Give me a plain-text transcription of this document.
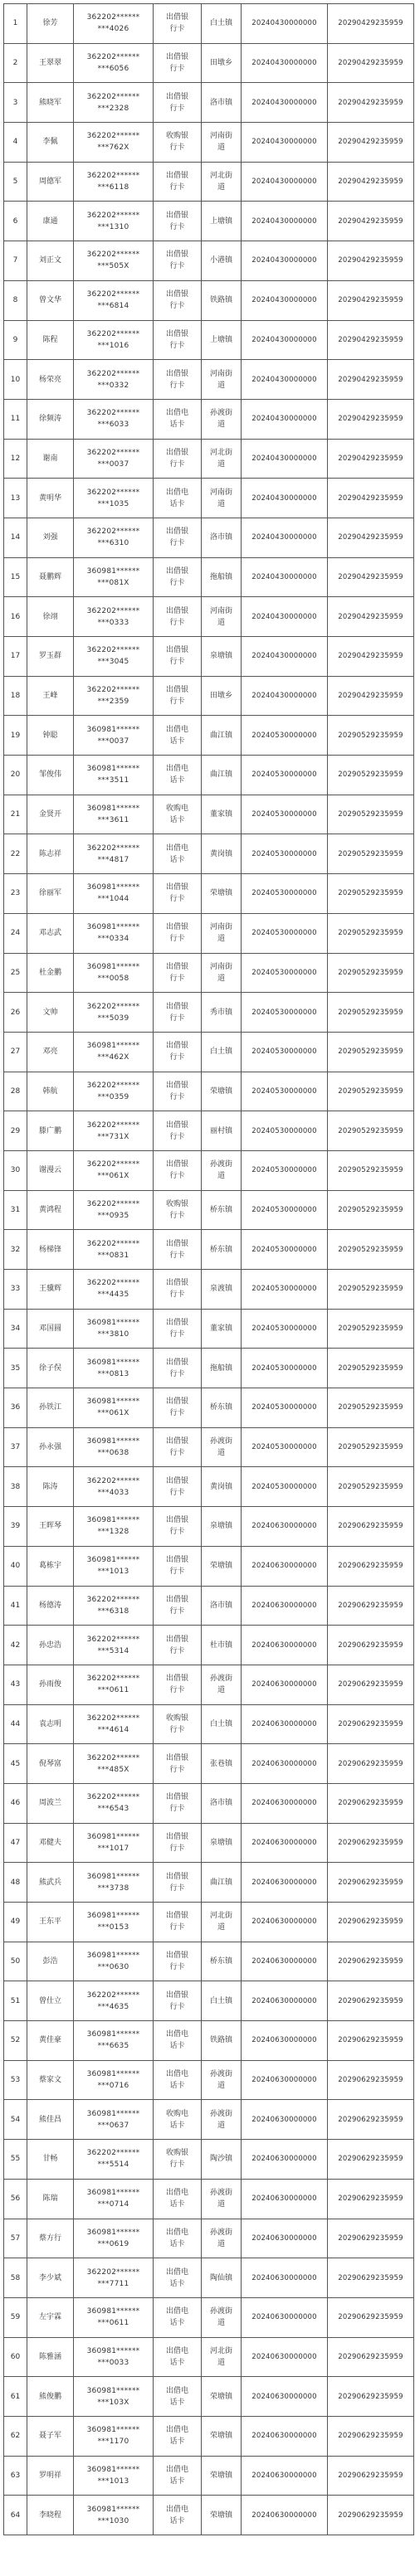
1	徐芳	362202******
***4026	出借银
行卡	白土镇	20240430000000	20290429235959
2	王翠翠	362202******
***6056	出借银
行卡	田墩乡	20240430000000	20290429235959
3	熊晓军	362202******
***2328	出借银
行卡	洛市镇	20240430000000	20290429235959
4	李佩	362202******
***762X	收购银
行卡	河南街
道	20240430000000	20290429235959
5	周德军	362202******
***6118	出借银
行卡	河北街
道	20240430000000	20290429235959
6	康通	362202******
***1310	出借银
行卡	上塘镇	20240430000000	20290429235959
7	刘正文	362202******
***505X	出借银
行卡	小港镇	20240430000000	20290429235959
8	曾文华	362202******
***6814	出借银
行卡	铁路镇	20240430000000	20290429235959
9	陈程	362202******
***1016	出借银
行卡	上塘镇	20240430000000	20290429235959
10	杨荣亮	362202******
***0332	出借银
行卡	河南街
道	20240430000000	20290429235959
11	徐频涛	362202******
***6033	出借电
话卡	孙渡街
道	20240430000000	20290429235959
12	谢南	362202******
***0037	出借银
行卡	河北街
道	20240430000000	20290429235959
13	黄明华	362202******
***1035	出借电
话卡	河南街
道	20240430000000	20290429235959
14	刘强	362202******
***6310	出借银
行卡	洛市镇	20240430000000	20290429235959
15	聂鹏辉	360981******
***081X	出借银
行卡	拖船镇	20240430000000	20290429235959
16	徐翊	362202******
***0333	出借银
行卡	河南街
道	20240430000000	20290429235959
17	罗玉群	362202******
***3045	出借银
行卡	泉塘镇	20240430000000	20290429235959
18	王峰	362202******
***2359	出借银
行卡	田墩乡	20240430000000	20290429235959
19	钟聪	360981******
***0037	出借电
话卡	曲江镇	20240530000000	20290529235959
20	邹俊伟	360981******
***3511	出借电
话卡	曲江镇	20240530000000	20290529235959
21	金贤开	360981******
***3611	收购电
话卡	董家镇	20240530000000	20290529235959
22	陈志祥	362202******
***4817	出借电
话卡	黄岗镇	20240530000000	20290529235959
23	徐丽军	360981******
***1044	出借银
行卡	荣塘镇	20240530000000	20290529235959
24	邓志武	360981******
***0334	出借银
行卡	河南街
道	20240530000000	20290529235959
25	杜金鹏	360981******
***0058	出借银
行卡	河南街
道	20240530000000	20290529235959
26	文帅	362202******
***5039	出借银
行卡	秀市镇	20240530000000	20290529235959
27	邓亮	360981******
***462X	出借银
行卡	白土镇	20240530000000	20290529235959
28	韩航	362202******
***0359	出借银
行卡	荣塘镇	20240530000000	20290529235959
29	滕广鹏	362202******
***731X	出借银
行卡	丽村镇	20240530000000	20290529235959
30	谢漫云	362202******
***061X	出借银
行卡	孙渡街
道	20240530000000	20290529235959
31	黄鸿程	362202******
***0935	收购银
行卡	桥东镇	20240530000000	20290529235959
32	杨梯锋	362202******
***0831	出借银
行卡	桥东镇	20240530000000	20290529235959
33	王骥辉	362202******
***4435	出借银
行卡	泉渡镇	20240530000000	20290529235959
34	邓国圆	360981******
***3810	出借银
行卡	董家镇	20240530000000	20290529235959
35	徐子俣	360981******
***0813	出借银
行卡	拖船镇	20240530000000	20290529235959
36	孙铁江	360981******
***061X	出借银
行卡	桥东镇	20240530000000	20290529235959
37	孙永强	360981******
***0638	出借银
行卡	孙渡街
道	20240530000000	20290529235959
38	陈涛	362202******
***4033	出借银
行卡	黄岗镇	20240530000000	20290529235959
39	王晖琴	360981******
***1328	出借银
行卡	泉塘镇	20240630000000	20290629235959
40	葛栋宇	360981******
***1013	出借银
行卡	荣塘镇	20240630000000	20290629235959
41	杨德涛	362202******
***6318	出借银
行卡	洛市镇	20240630000000	20290629235959
42	孙忠浩	362202******
***5314	出借银
行卡	杜市镇	20240630000000	20290629235959
43	孙雨俊	362202******
***0611	出借银
行卡	孙渡街
道	20240630000000	20290629235959
44	袁志明	362202******
***4614	收购银
行卡	白土镇	20240630000000	20290629235959
45	倪琴富	362202******
***485X	出借银
行卡	张巷镇	20240630000000	20290629235959
46	周波兰	362202******
***6543	出借银
行卡	洛市镇	20240630000000	20290629235959
47	邓健夫	360981******
***1017	出借银
行卡	泉塘镇	20240630000000	20290629235959
48	熊武兵	360981******
***3738	出借银
行卡	曲江镇	20240630000000	20290629235959
49	王东平	360981******
***0153	出借银
行卡	河北街
道	20240630000000	20290629235959
50	彭浩	360981******
***0630	出借银
行卡	桥东镇	20240630000000	20290629235959
51	曾仕立	362202******
***4635	出借银
行卡	白土镇	20240630000000	20290629235959
52	黄佳豪	360981******
***6635	出借电
话卡	铁路镇	20240630000000	20290629235959
53	蔡家文	360981******
***0716	出借电
话卡	孙渡街
道	20240630000000	20290629235959
54	熊佳昌	360981******
***0637	收购电
话卡	孙渡街
道	20240630000000	20290629235959
55	甘畅	362202******
***5514	收购银
行卡	陶沙镇	20240630000000	20290629235959
56	陈瑞	360981******
***0714	出借电
话卡	孙渡街
道	20240630000000	20290629235959
57	蔡方行	360981******
***0619	出借电
话卡	孙渡街
道	20240630000000	20290629235959
58	李少斌	362202******
***7711	出借电
话卡	陶仙镇	20240630000000	20290629235959
59	左宇霖	360981******
***0611	出借电
话卡	孙渡街
道	20240630000000	20290629235959
60	陈雅涵	360981******
***0033	出借电
话卡	河北街
道	20240630000000	20290629235959
61	熊俊鹏	360981******
***103X	出借电
话卡	荣塘镇	20240630000000	20290629235959
62	聂子军	360981******
***1170	出借电
话卡	荣塘镇	20240630000000	20290629235959
63	罗明祥	360981******
***1013	出借电
话卡	荣塘镇	20240630000000	20290629235959
64	李晓程	360981******
***1030	出借电
话卡	荣塘镇	20240630000000	20290629235959
